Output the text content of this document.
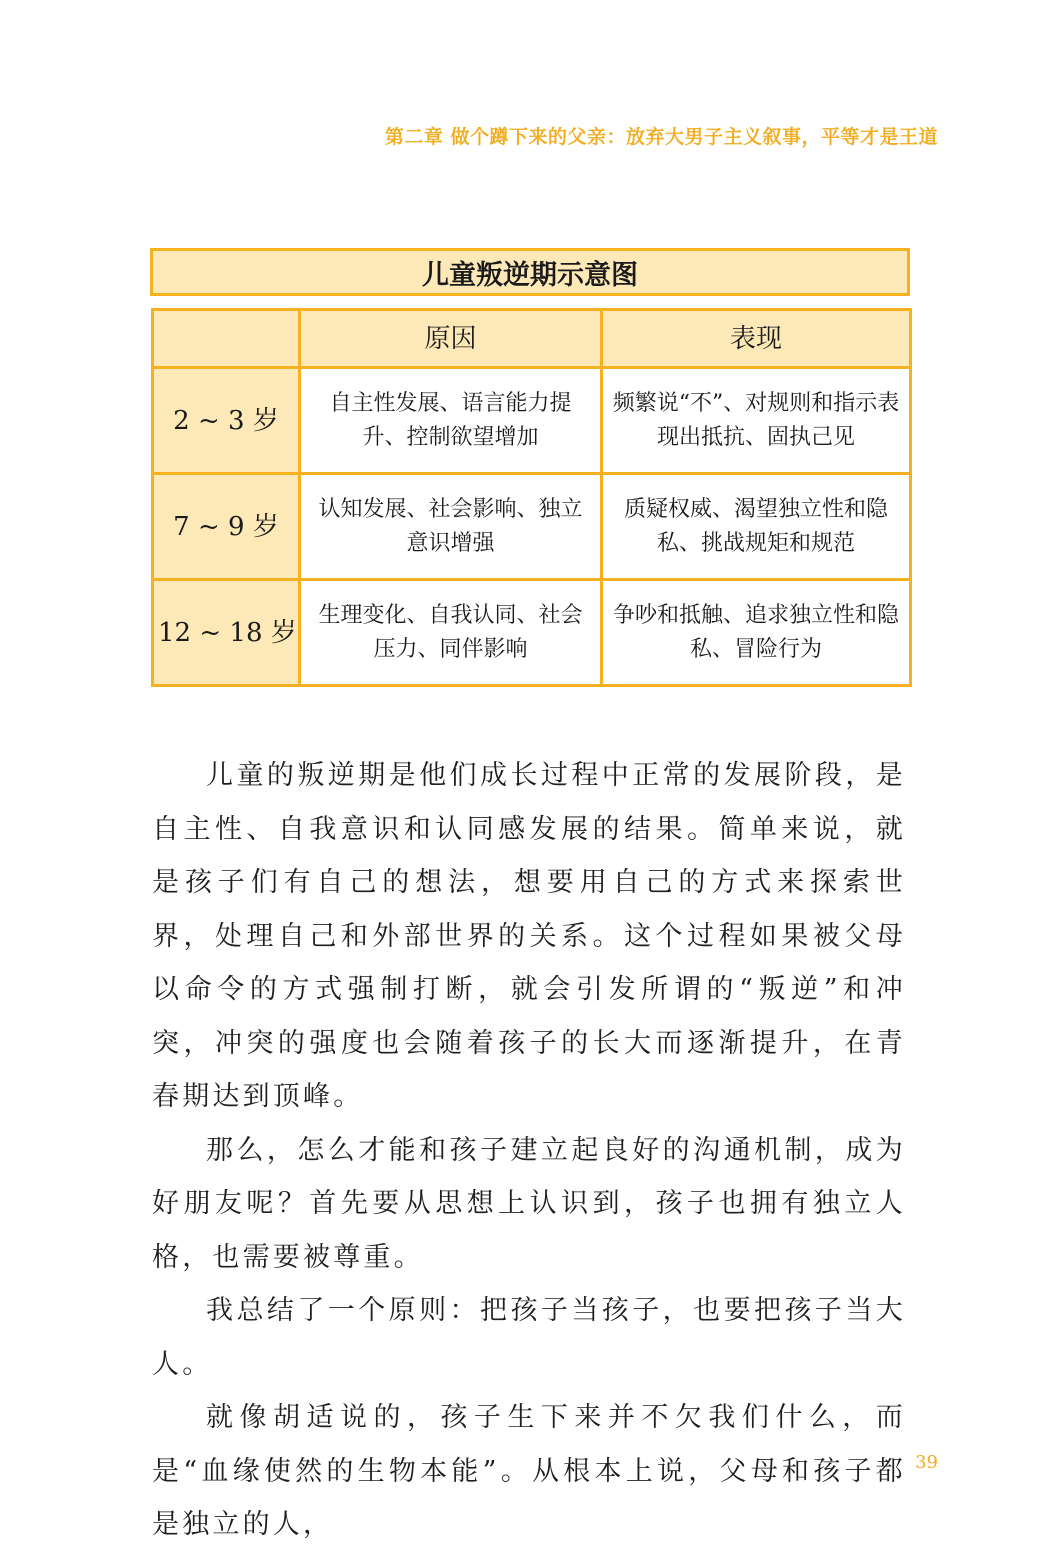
第二章 做个蹲下来的父亲：放弃大男子主义叙事，平等才是王道
儿童叛逆期示意图
	原因	表现
2 ~ 3 岁	自主性发展、语言能力提升、控制欲望增加	频繁说“不”、对规则和指示表现出抵抗、固执己见
7 ~ 9 岁	认知发展、社会影响、独立意识增强	质疑权威、渴望独立性和隐私、挑战规矩和规范
12 ~ 18 岁	生理变化、自我认同、社会压力、同伴影响	争吵和抵触、追求独立性和隐私、冒险行为

儿童的叛逆期是他们成长过程中正常的发展阶段，是自主性、自我意识和认同感发展的结果。简单来说，就是孩子们有自己的想法，想要用自己的方式来探索世界，处理自己和外部世界的关系。这个过程如果被父母以命令的方式强制打断，就会引发所谓的“叛逆”和冲突，冲突的强度也会随着孩子的长大而逐渐提升，在青春期达到顶峰。

那么，怎么才能和孩子建立起良好的沟通机制，成为好朋友呢？首先要从思想上认识到，孩子也拥有独立人格，也需要被尊重。

我总结了一个原则：把孩子当孩子，也要把孩子当大人。

就像胡适说的，孩子生下来并不欠我们什么，而是“血缘使然的生物本能”。从根本上说，父母和孩子都是独立的人，

39
